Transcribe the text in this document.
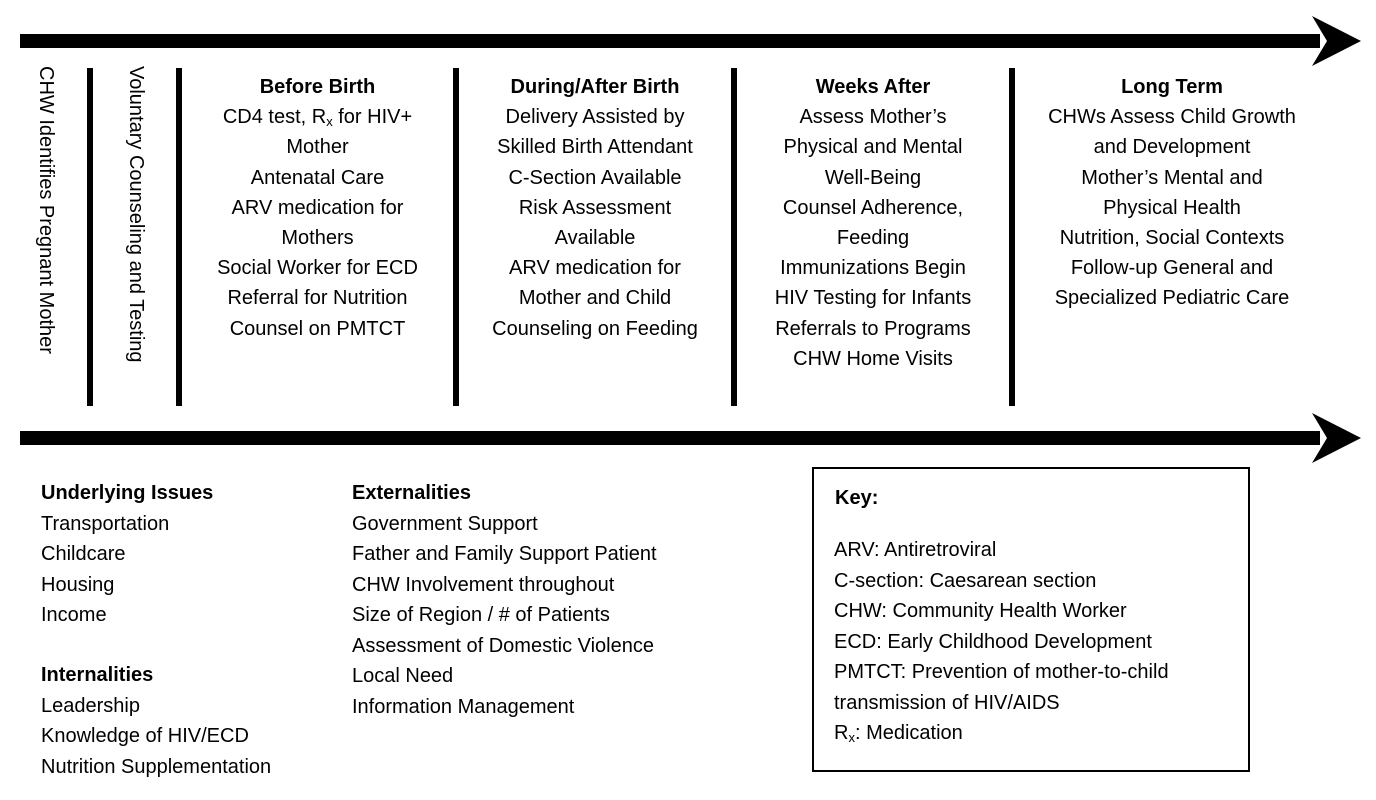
CHW Identifies Pregnant Mother	Voluntary Counseling and Testing	Before Birth
CD4 test, $R_x$ for HIV+
Mother
Antenatal Care
ARV medication for
Mothers
Social Worker for ECD
Referral for Nutrition
Counsel on PMTCT
During/After Birth
Delivery Assisted by
Skilled Birth Attendant
C-Section Available
Risk Assessment
Available
ARV medication for
Mother and Child
Counseling on Feeding
Weeks After
Assess Mother’s
Physical and Mental
Well-Being
Counsel Adherence,
Feeding
Immunizations Begin
HIV Testing for Infants
Referrals to Programs
CHW Home Visits
Long Term
CHWs Assess Child Growth
and Development
Mother’s Mental and
Physical Health
Nutrition, Social Contexts
Follow-up General and
Specialized Pediatric Care
Underlying Issues
Transportation
Childcare
Housing
Income
Internalities
Leadership
Knowledge of HIV/ECD
Nutrition Supplementation
Externalities
Government Support
Father and Family Support Patient
CHW Involvement throughout
Size of Region / # of Patients
Assessment of Domestic Violence
Local Need
Information Management
Key:
ARV: Antiretroviral
C-section: Caesarean section
CHW: Community Health Worker
ECD: Early Childhood Development
PMTCT: Prevention of mother-to-child
transmission of HIV/AIDS
$R_x$: Medication
